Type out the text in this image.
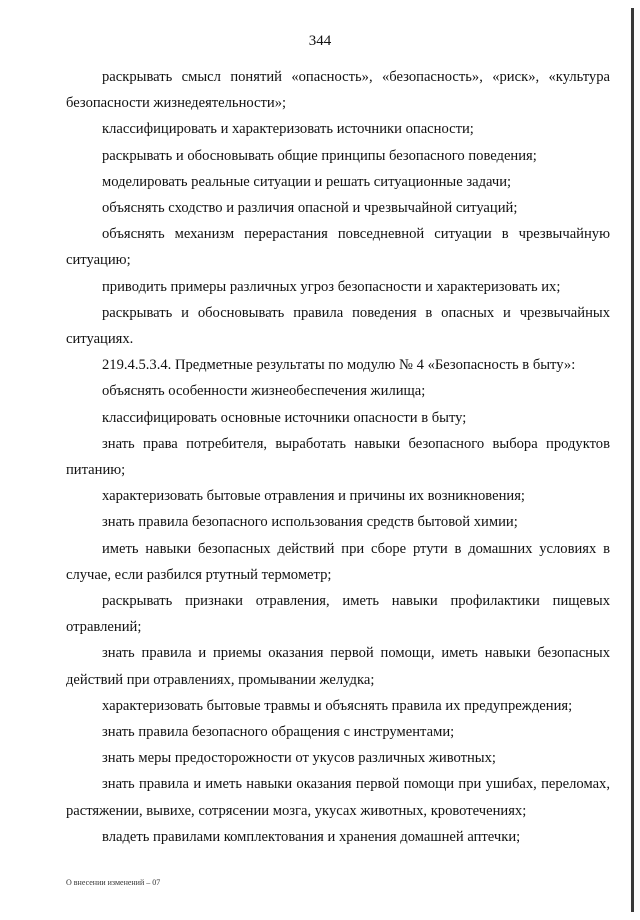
344

раскрывать смысл понятий «опасность», «безопасность», «риск», «культура безопасности жизнедеятельности»;

классифицировать и характеризовать источники опасности;

раскрывать и обосновывать общие принципы безопасного поведения;

моделировать реальные ситуации и решать ситуационные задачи;

объяснять сходство и различия опасной и чрезвычайной ситуаций;

объяснять механизм перерастания повседневной ситуации в чрезвычайную ситуацию;

приводить примеры различных угроз безопасности и характеризовать их;

раскрывать и обосновывать правила поведения в опасных и чрезвычайных ситуациях.

219.4.5.3.4. Предметные результаты по модулю № 4 «Безопасность в быту»:

объяснять особенности жизнеобеспечения жилища;

классифицировать основные источники опасности в быту;

знать права потребителя, выработать навыки безопасного выбора продуктов питанию;

характеризовать бытовые отравления и причины их возникновения;

знать правила безопасного использования средств бытовой химии;

иметь навыки безопасных действий при сборе ртути в домашних условиях в случае, если разбился ртутный термометр;

раскрывать признаки отравления, иметь навыки профилактики пищевых отравлений;

знать правила и приемы оказания первой помощи, иметь навыки безопасных действий при отравлениях, промывании желудка;

характеризовать бытовые травмы и объяснять правила их предупреждения;

знать правила безопасного обращения с инструментами;

знать меры предосторожности от укусов различных животных;

знать правила и иметь навыки оказания первой помощи при ушибах, переломах, растяжении, вывихе, сотрясении мозга, укусах животных, кровотечениях;

владеть правилами комплектования и хранения домашней аптечки;

О внесении изменений – 07
